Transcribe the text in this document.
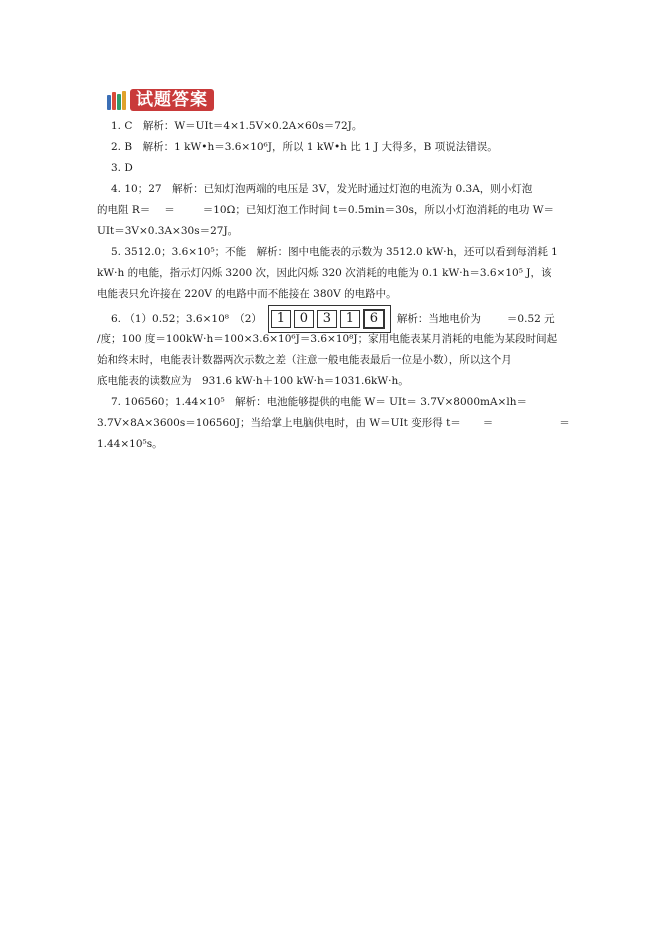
试题答案
1. C　解析：W＝UIt＝4×1.5V×0.2A×60s＝72J。
2. B　解析：1 kW•h＝3.6×10⁶J，所以 1 kW•h 比 1 J 大得多，B 项说法错误。
3. D
4. 10；27　解析：已知灯泡两端的电压是 3V，发光时通过灯泡的电流为 0.3A，则小灯泡
的电阻 R＝ ＝	＝10Ω；已知灯泡工作时间 t＝0.5min＝30s，所以小灯泡消耗的电功 W＝
UIt＝3V×0.3A×30s＝27J。
5. 3512.0；3.6×10⁵；不能　解析：图中电能表的示数为 3512.0 kW·h，还可以看到每消耗 1
kW·h 的电能，指示灯闪烁 3200 次，因此闪烁 320 次消耗的电能为 0.1 kW·h＝3.6×10⁵ J，该
电能表只允许接在 220V 的电路中而不能接在 380V 的电路中。
6. （1）0.52；3.6×10⁸　（2） 1 0 3 1 6 解析：当地电价为 ＝0.52 元
/度；100 度＝100kW·h＝100×3.6×10⁶J＝3.6×10⁸J；家用电能表某月消耗的电能为某段时间起
始和终末时，电能表计数器两次示数之差（注意一般电能表最后一位是小数），所以这个月
底电能表的读数应为　931.6 kW·h＋100 kW·h＝1031.6kW·h。
7. 106560；1.44×10⁵　解析：电池能够提供的电能 W＝ UIt＝ 3.7V×8000mA×lh＝
3.7V×8A×3600s＝106560J；当给掌上电脑供电时，由 W＝UIt 变形得 t＝ ＝	＝
1.44×10⁵s。
